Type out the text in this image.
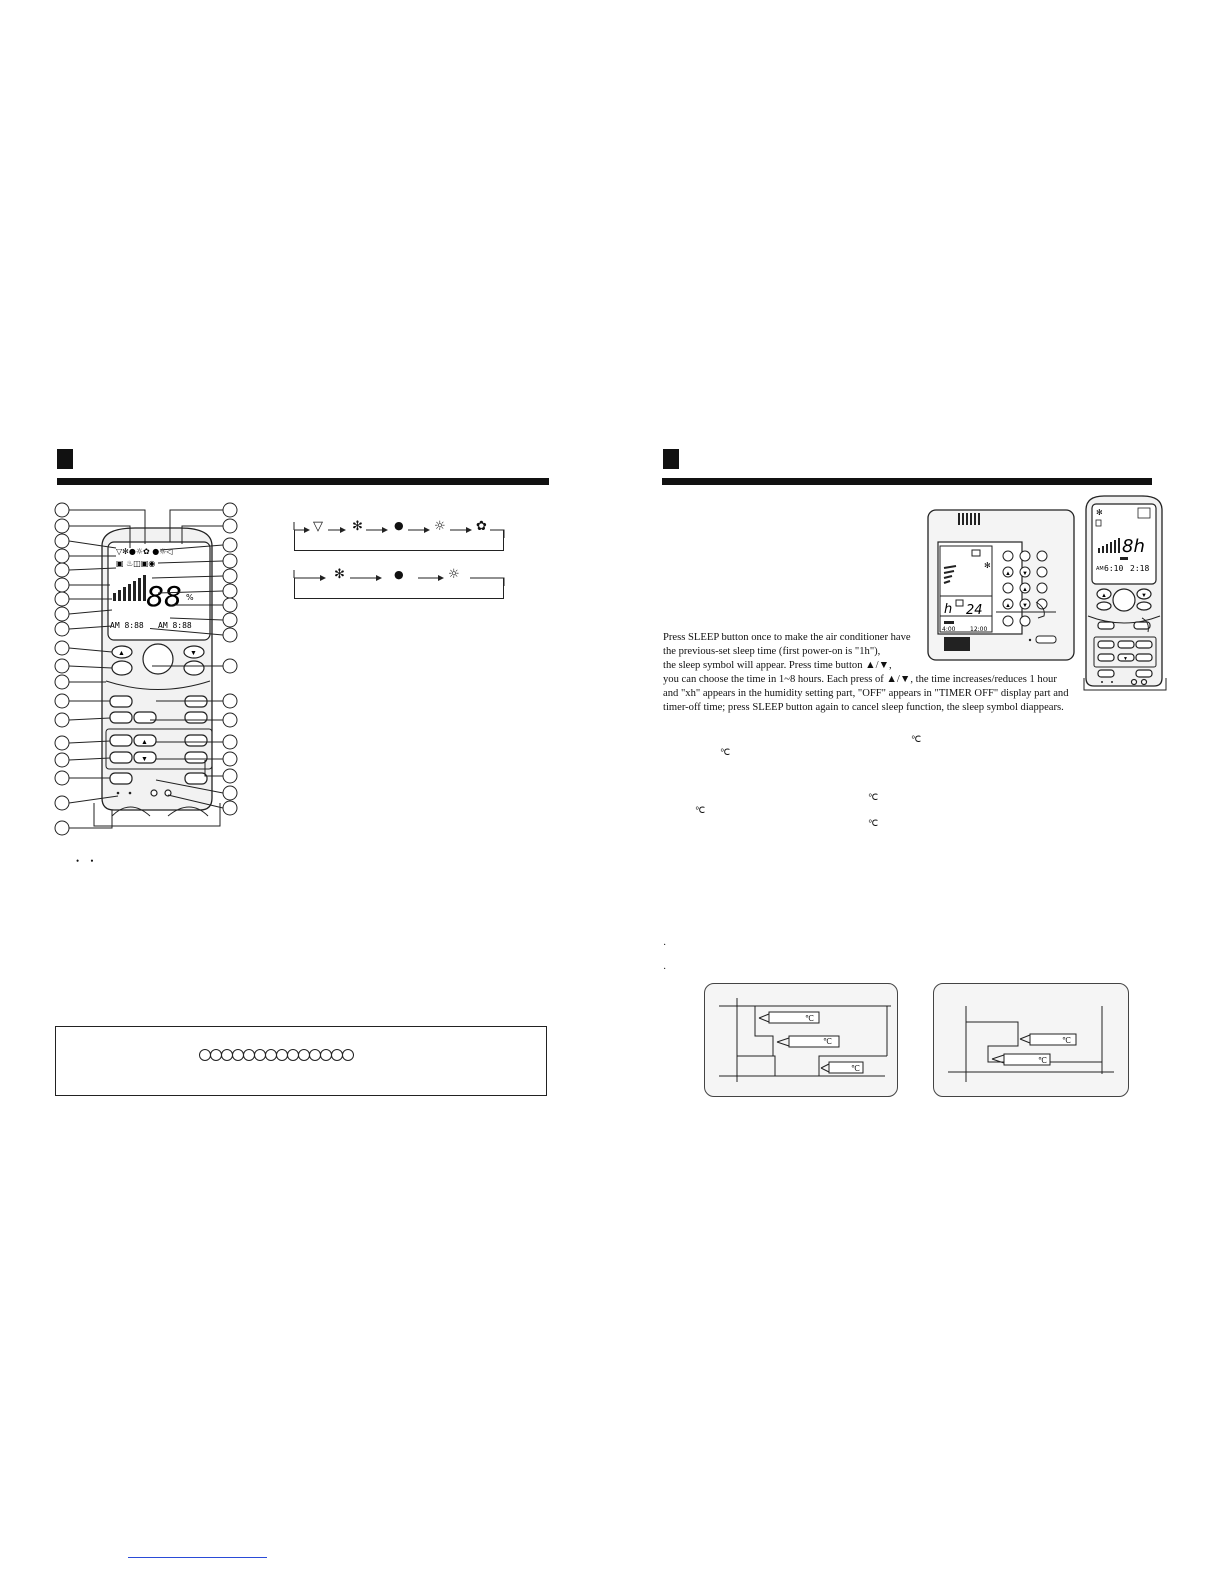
▽✻●☼✿ ●☼◁
▣ ♨◫▣◉
88 %
AM 8:88 AM 8:88
▲	▼
▲
▼
▽ ✻	● ☼ ✿
✻	●	☼
•     •
✻
h 24
4:00 12:00
▲ ▼
▲
▲ ▼
✻
8h
AM 6:10 2:18
▲	▼
▼
Press SLEEP button once to make the air conditioner have
the previous-set sleep time (first power-on is "1h"),
the sleep symbol will appear. Press time button ▲/▼,
you can choose the time in 1~8 hours. Each press of ▲/▼, the time increases/reduces 1 hour
and "xh" appears in the humidity setting part, "OFF" appears in "TIMER OFF" display part and
timer-off time; press SLEEP button again to cancel sleep function, the sleep symbol diappears.
℃
℃
℃
℃
℃
·
·
℃
℃
℃
℃
℃
